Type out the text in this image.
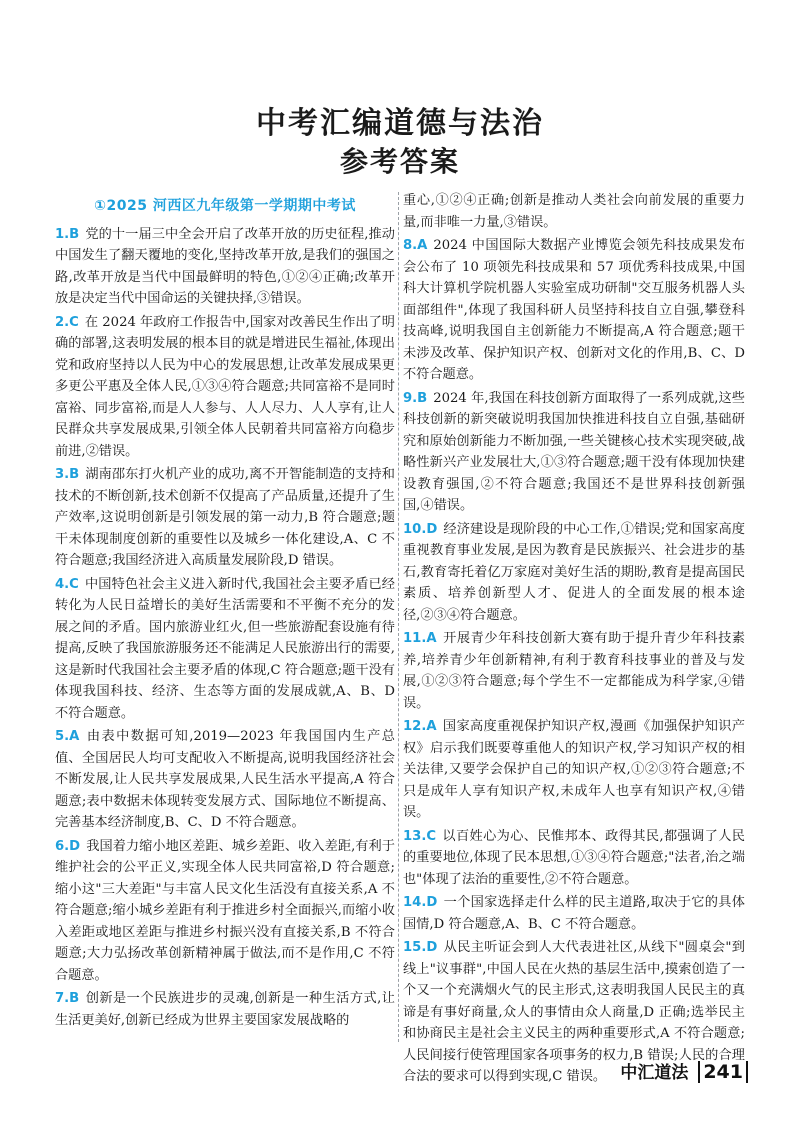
中考汇编道德与法治
参考答案
①2025 河西区九年级第一学期期中考试
1.B 党的十一届三中全会开启了改革开放的历史征程,推动中国发生了翻天覆地的变化,坚持改革开放,是我们的强国之路,改革开放是当代中国最鲜明的特色,①②④正确;改革开放是决定当代中国命运的关键抉择,③错误。
2.C 在 2024 年政府工作报告中,国家对改善民生作出了明确的部署,这表明发展的根本目的就是增进民生福祉,体现出党和政府坚持以人民为中心的发展思想,让改革发展成果更多更公平惠及全体人民,①③④符合题意;共同富裕不是同时富裕、同步富裕,而是人人参与、人人尽力、人人享有,让人民群众共享发展成果,引领全体人民朝着共同富裕方向稳步前进,②错误。
3.B 湖南邵东打火机产业的成功,离不开智能制造的支持和技术的不断创新,技术创新不仅提高了产品质量,还提升了生产效率,这说明创新是引领发展的第一动力,B 符合题意;题干未体现制度创新的重要性以及城乡一体化建设,A、C 不符合题意;我国经济进入高质量发展阶段,D 错误。
4.C 中国特色社会主义进入新时代,我国社会主要矛盾已经转化为人民日益增长的美好生活需要和不平衡不充分的发展之间的矛盾。国内旅游业红火,但一些旅游配套设施有待提高,反映了我国旅游服务还不能满足人民旅游出行的需要,这是新时代我国社会主要矛盾的体现,C 符合题意;题干没有体现我国科技、经济、生态等方面的发展成就,A、B、D 不符合题意。
5.A 由表中数据可知,2019—2023 年我国国内生产总值、全国居民人均可支配收入不断提高,说明我国经济社会不断发展,让人民共享发展成果,人民生活水平提高,A 符合题意;表中数据未体现转变发展方式、国际地位不断提高、完善基本经济制度,B、C、D 不符合题意。
6.D 我国着力缩小地区差距、城乡差距、收入差距,有利于维护社会的公平正义,实现全体人民共同富裕,D 符合题意;缩小这"三大差距"与丰富人民文化生活没有直接关系,A 不符合题意;缩小城乡差距有利于推进乡村全面振兴,而缩小收入差距或地区差距与推进乡村振兴没有直接关系,B 不符合题意;大力弘扬改革创新精神属于做法,而不是作用,C 不符合题意。
7.B 创新是一个民族进步的灵魂,创新是一种生活方式,让生活更美好,创新已经成为世界主要国家发展战略的
重心,①②④正确;创新是推动人类社会向前发展的重要力量,而非唯一力量,③错误。
8.A 2024 中国国际大数据产业博览会领先科技成果发布会公布了 10 项领先科技成果和 57 项优秀科技成果,中国科大计算机学院机器人实验室成功研制"交互服务机器人头面部组件",体现了我国科研人员坚持科技自立自强,攀登科技高峰,说明我国自主创新能力不断提高,A 符合题意;题干未涉及改革、保护知识产权、创新对文化的作用,B、C、D 不符合题意。
9.B 2024 年,我国在科技创新方面取得了一系列成就,这些科技创新的新突破说明我国加快推进科技自立自强,基础研究和原始创新能力不断加强,一些关键核心技术实现突破,战略性新兴产业发展壮大,①③符合题意;题干没有体现加快建设教育强国,②不符合题意;我国还不是世界科技创新强国,④错误。
10.D 经济建设是现阶段的中心工作,①错误;党和国家高度重视教育事业发展,是因为教育是民族振兴、社会进步的基石,教育寄托着亿万家庭对美好生活的期盼,教育是提高国民素质、培养创新型人才、促进人的全面发展的根本途径,②③④符合题意。
11.A 开展青少年科技创新大赛有助于提升青少年科技素养,培养青少年创新精神,有利于教育科技事业的普及与发展,①②③符合题意;每个学生不一定都能成为科学家,④错误。
12.A 国家高度重视保护知识产权,漫画《加强保护知识产权》启示我们既要尊重他人的知识产权,学习知识产权的相关法律,又要学会保护自己的知识产权,①②③符合题意;不只是成年人享有知识产权,未成年人也享有知识产权,④错误。
13.C 以百姓心为心、民惟邦本、政得其民,都强调了人民的重要地位,体现了民本思想,①③④符合题意;"法者,治之端也"体现了法治的重要性,②不符合题意。
14.D 一个国家选择走什么样的民主道路,取决于它的具体国情,D 符合题意,A、B、C 不符合题意。
15.D 从民主听证会到人大代表进社区,从线下"圆桌会"到线上"议事群",中国人民在火热的基层生活中,摸索创造了一个又一个充满烟火气的民主形式,这表明我国人民民主的真谛是有事好商量,众人的事情由众人商量,D 正确;选举民主和协商民主是社会主义民主的两种重要形式,A 不符合题意;人民间接行使管理国家各项事务的权力,B 错误;人民的合理合法的要求可以得到实现,C 错误。 中汇道法 241
